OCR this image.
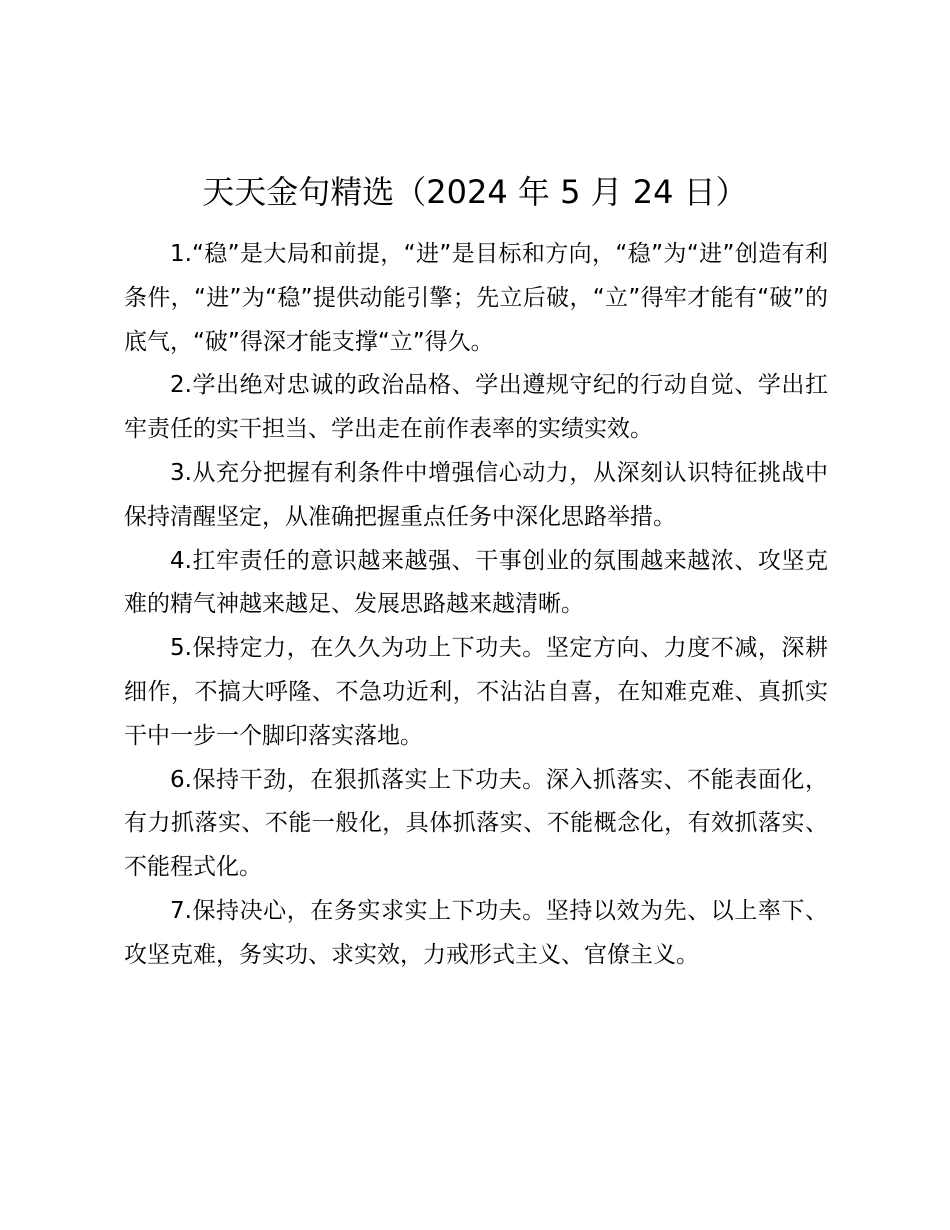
天天金句精选（2024 年 5 月 24 日）

1.“稳”是大局和前提，“进”是目标和方向，“稳”为“进”创造有利条件，“进”为“稳”提供动能引擎；先立后破，“立”得牢才能有“破”的底气，“破”得深才能支撑“立”得久。

2.学出绝对忠诚的政治品格、学出遵规守纪的行动自觉、学出扛牢责任的实干担当、学出走在前作表率的实绩实效。

3.从充分把握有利条件中增强信心动力，从深刻认识特征挑战中保持清醒坚定，从准确把握重点任务中深化思路举措。

4.扛牢责任的意识越来越强、干事创业的氛围越来越浓、攻坚克难的精气神越来越足、发展思路越来越清晰。

5.保持定力，在久久为功上下功夫。坚定方向、力度不减，深耕细作，不搞大呼隆、不急功近利，不沾沾自喜，在知难克难、真抓实干中一步一个脚印落实落地。

6.保持干劲，在狠抓落实上下功夫。深入抓落实、不能表面化，有力抓落实、不能一般化，具体抓落实、不能概念化，有效抓落实、不能程式化。

7.保持决心，在务实求实上下功夫。坚持以效为先、以上率下、攻坚克难，务实功、求实效，力戒形式主义、官僚主义。
